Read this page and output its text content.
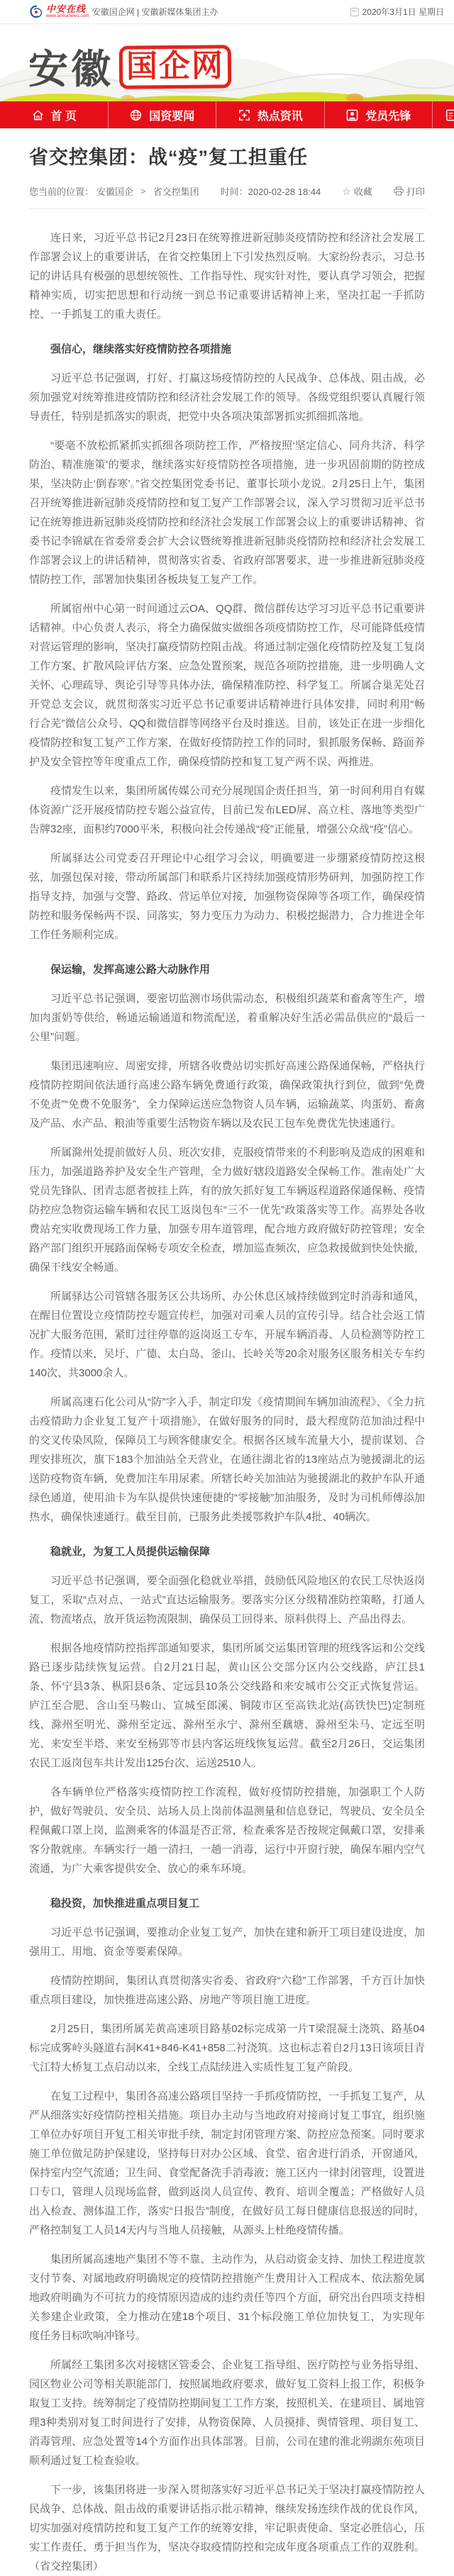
中安在线
www.anhuinews.com 安徽国企网 | 安徽新媒体集团主办	2020年3月1日 星期日
安徽 国企网
首 页	国资要闻	热点资讯	党员先锋
省交控集团：战“疫”复工担重任
您当前的位置： 安徽国企 > 省交控集团 时间：2020-02-28 18:44 ☆ 收藏	打印

连日来，习近平总书记2月23日在统筹推进新冠肺炎疫情防控和经济社会发展工作部署会议上的重要讲话，在省交控集团上下引发热烈反响。大家纷纷表示，习总书记的讲话具有极强的思想统领性、工作指导性、现实针对性，要认真学习领会，把握精神实质，切实把思想和行动统一到总书记重要讲话精神上来，坚决扛起一手抓防控、一手抓复工的重大责任。

强信心，继续落实好疫情防控各项措施

习近平总书记强调，打好、打赢这场疫情防控的人民战争、总体战、阻击战，必须加强党对统筹推进疫情防控和经济社会发展工作的领导。各级党组织要认真履行领导责任，特别是抓落实的职责，把党中央各项决策部署抓实抓细抓落地。

“要毫不放松抓紧抓实抓细各项防控工作，严格按照‘坚定信心、同舟共济、科学防治、精准施策’的要求，继续落实好疫情防控各项措施，进一步巩固前期的防控成果，坚决防止‘倒春寒’。”省交控集团党委书记、董事长项小龙说。2月25日上午，集团召开统筹推进新冠肺炎疫情防控和复工复产工作部署会议，深入学习贯彻习近平总书记在统筹推进新冠肺炎疫情防控和经济社会发展工作部署会议上的重要讲话精神、省委书记李锦斌在省委常委会扩大会议暨统筹推进新冠肺炎疫情防控和经济社会发展工作部署会议上的讲话精神，贯彻落实省委、省政府部署要求，进一步推进新冠肺炎疫情防控工作，部署加快集团各板块复工复产工作。

所属宿州中心第一时间通过云OA、QQ群、微信群传达学习习近平总书记重要讲话精神。中心负责人表示，将全力确保做实做细各项疫情防控工作，尽可能降低疫情对营运管理的影响，坚决打赢疫情防控阻击战。将通过制定强化疫情防控及复工复岗工作方案、扩散风险评估方案、应急处置预案，规范各项防控措施，进一步明确人文关怀、心理疏导、舆论引导等具体办法，确保精准防控、科学复工。所属合巢芜处召开党总支会议，就贯彻落实习近平总书记重要讲话精神进行具体安排，同时利用“畅行合芜”微信公众号、QQ和微信群等网络平台及时推送。目前，该处正在进一步细化疫情防控和复工复产工作方案，在做好疫情防控工作的同时，狠抓服务保畅、路面养护及安全管控等年度重点工作，确保疫情防控和复工复产两不误、两推进。

疫情发生以来，集团所属传媒公司充分展现国企责任担当，第一时间利用自有媒体资源广泛开展疫情防控专题公益宣传，目前已发布LED屏、高立柱、落地等类型广告牌32座，面积约7000平米，积极向社会传递战“疫”正能量，增强公众战“疫”信心。

所属驿达公司党委召开理论中心组学习会议，明确要进一步绷紧疫情防控这根弦，加强包保对接，带动所属部门和联系片区持续加强疫情形势研判，加强防控工作指导支持，加强与交警、路政、营运单位对接，加强物资保障等各项工作，确保疫情防控和服务保畅两不误、同落实，努力变压力为动力、积极挖掘潜力，合力推进全年工作任务顺利完成。

保运输，发挥高速公路大动脉作用

习近平总书记强调，要密切监测市场供需动态，积极组织蔬菜和畜禽等生产，增加肉蛋奶等供给，畅通运输通道和物流配送，着重解决好生活必需品供应的“最后一公里”问题。

集团迅速响应、周密安排，所辖各收费站切实抓好高速公路保通保畅，严格执行疫情防控期间依法通行高速公路车辆免费通行政策，确保政策执行到位，做到“免费不免责”“免费不免服务”，全力保障运送应急物资人员车辆，运输蔬菜、肉蛋奶、畜禽及产品、水产品、粮油等重要生活物资车辆以及农民工包车免费优先快速通行。

所属滁州处提前做好人员、班次安排，克服疫情带来的不利影响及造成的困难和压力，加强道路养护及安全生产管理，全力做好辖段道路安全保畅工作。淮南处广大党员先锋队、团青志愿者披挂上阵，有的放矢抓好复工车辆返程道路保通保畅、疫情防控应急物资运输车辆和农民工返岗包车“三不一优先”政策落实等工作。高界处各收费站充实收费现场工作力量，加强专用车道管理，配合地方政府做好防控管理；安全路产部门组织开展路面保畅专项安全检查，增加巡查频次，应急救援做到快处快撤，确保干线安全畅通。

所属驿达公司管辖各服务区公共场所、办公休息区域持续做到定时消毒和通风，在醒目位置设立疫情防控专题宣传栏，加强对司乘人员的宣传引导。结合社会返工情况扩大服务范围，紧盯过往停靠的返岗返工专车，开展车辆消毒、人员检测等防控工作。疫情以来，吴圩、广德、太白岛、釜山、长岭关等20余对服务区服务相关专车约140次、共3000余人。

所属高速石化公司从“防”字入手，制定印发《疫情期间车辆加油流程》、《全力抗击疫情助力企业复工复产十项措施》，在做好服务的同时，最大程度防范加油过程中的交叉传染风险，保障员工与顾客健康安全。根据各区域车流量大小，提前谋划、合理安排班次，旗下183个加油站全天营业，在通往湖北省的13座站点为驰援湖北的运送防疫物资车辆，免费加注车用尿素。所辖长岭关加油站为驰援湖北的救护车队开通绿色通道，使用油卡为车队提供快速便捷的“零接触”加油服务，及时为司机师傅添加热水，确保快速通行。截至目前，已服务此类援鄂救护车队4批、40辆次。

稳就业，为复工人员提供运输保障

习近平总书记强调，要全面强化稳就业举措，鼓励低风险地区的农民工尽快返岗复工，采取“点对点、一站式”直达运输服务。要落实分区分级精准防控策略，打通人流、物流堵点，放开货运物流限制，确保员工回得来、原料供得上、产品出得去。

根据各地疫情防控指挥部通知要求，集团所属交运集团管理的班线客运和公交线路已逐步陆续恢复运营。自2月21日起，黄山区公交部分区内公交线路，庐江县1条、怀宁县3条、枞阳县6条、定远县10条公交线路和来安城市公交正式恢复营运。庐江至合肥、含山至马鞍山、宣城至郎溪、铜陵市区至高铁北站(高铁快巴)定制班线、滁州至明光、滁州至定远、滁州至永宁、滁州至藕塘、滁州至朱马、定远至明光、来安至半塔、来安至杨郢等市县内客运班线恢复运营。截至2月26日，交运集团农民工返岗包车共计发出125台次、运送2510人。

各车辆单位严格落实疫情防控工作流程，做好疫情防控措施，加强职工个人防护，做好驾驶员、安全员、站场人员上岗前体温测量和信息登记，驾驶员、安全员全程佩戴口罩上岗，监测乘客的体温是否正常，检查乘客是否按规定佩戴口罩，安排乘客分散就座。车辆实行一趟一清扫，一趟一消毒，运行中开窗行驶，确保车厢内空气流通，为广大乘客提供安全、放心的乘车环境。

稳投资，加快推进重点项目复工

习近平总书记强调，要推动企业复工复产，加快在建和新开工项目建设进度，加强用工、用地、资金等要素保障。

疫情防控期间，集团认真贯彻落实省委、省政府“六稳”工作部署，千方百计加快重点项目建设，加快推进高速公路、房地产等项目施工进度。

2月25日，集团所属芜黄高速项目路基02标完成第一片T梁混凝土浇筑、路基04标完成雾岭头隧道右洞K41+846-K41+858二衬浇筑。这也标志着自2月13日该项目青弋江特大桥复工点启动以来，全线工点陆续进入实质性复工复产阶段。

在复工过程中，集团各高速公路项目坚持一手抓疫情防控，一手抓复工复产，从严从细落实好疫情防控相关措施。项目办主动与当地政府对接商讨复工事宜，组织施工单位办好项目开复工相关审批手续，制定封闭管理方案、防控应急预案。同时要求施工单位做足防护保建设，坚持每日对办公区域、食堂、宿舍进行消杀，开窗通风，保持室内空气流通；卫生间、食堂配备洗手消毒液；施工区内一律封闭管理，设置进口专口，管理人员现场监督，做到返岗人员宣传、教育、培训全覆盖；严格做好人员出入检查、测体温工作，落实“日报告”制度，在做好员工每日健康信息报送的同时，严格控制复工人员14天内与当地人员接触，从源头上杜绝疫情传播。

集团所属高速地产集团不等不靠、主动作为，从启动资金支持、加快工程进度款支付节奏、对属地政府明确规定的疫情防控措施产生费用计入工程成本、依法豁免属地政府明确为不可抗力的疫情原因造成的违约责任等四个方面，研究出台四项支持相关参建企业政策，全力推动在建18个项目、31个标段施工单位加快复工，为实现年度任务目标吹响冲锋号。

所属经工集团多次对接辖区管委会、企业复工指导组、医疗防控与业务指导组、园区物业公司等相关职能部门，按照属地政府要求，做好复工资料上报工作，积极争取复工支持。统筹制定了疫情防控期间复工工作方案，按照机关、在建项目、属地管理3种类别对复工时间进行了安排，从物资保障、人员摸排、舆情管理、项目复工、消毒管理、应急处置等14个方面作出具体部署。目前，公司在建的淮北朔湖东苑项目顺利通过复工检查验收。

下一步，该集团将进一步深入贯彻落实好习近平总书记关于坚决打赢疫情防控人民战争、总体战、阻击战的重要讲话指示批示精神，继续发扬连续作战的优良作风，切实加强对疫情防控和复工复产工作的统筹安排，牢记职责使命、坚定必胜信心，压实工作责任、勇于担当作为，坚决夺取疫情防控和完成年度各项重点工作的双胜利。（省交控集团）
